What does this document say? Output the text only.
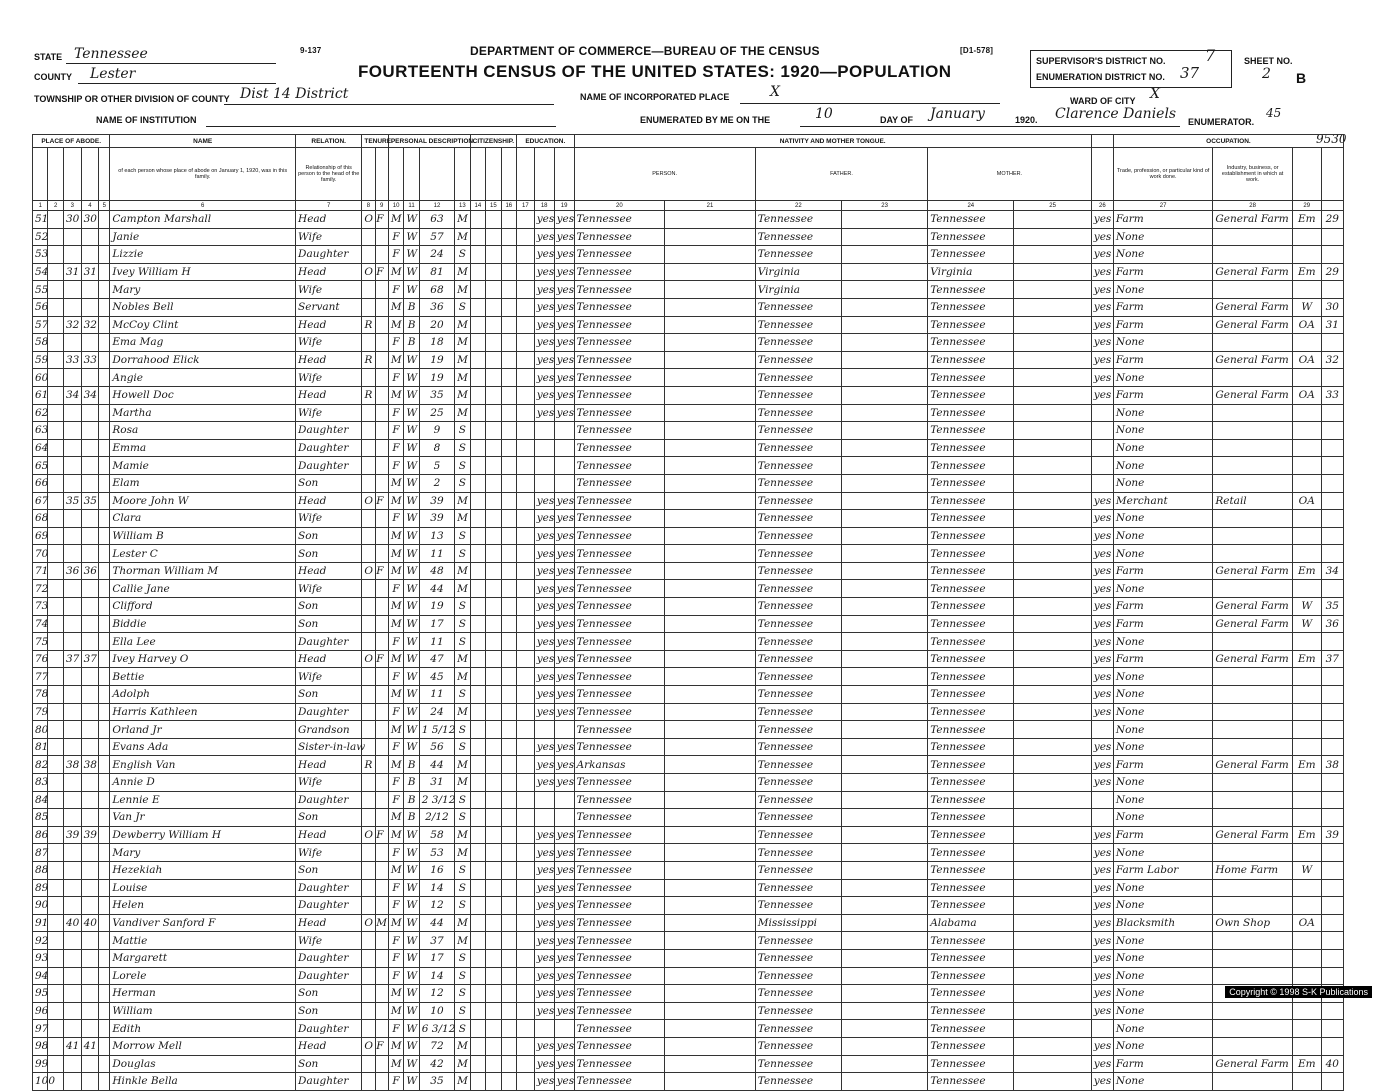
9-137	[D1-578]
DEPARTMENT OF COMMERCE—BUREAU OF THE CENSUS
FOURTEENTH CENSUS OF THE UNITED STATES: 1920—POPULATION
STATE Tennessee
COUNTY Lester
TOWNSHIP OR OTHER DIVISION OF COUNTY Dist 14 District
NAME OF INSTITUTION
NAME OF INCORPORATED PLACE	X
ENUMERATED BY ME ON THE	10	DAY OF January	1920. Clarence Daniels ENUMERATOR.
SUPERVISOR'S DISTRICT NO. 7
ENUMERATION DISTRICT NO. 37
SHEET NO.
2 B
WARD OF CITY X
45
9530
PLACE OF ABODE.					NAME	RELATION.	TENURE.		PERSONAL DESCRIPTION.				CITIZENSHIP.			EDUCATION.			NATIVITY AND MOTHER TONGUE.							OCCUPATION.			
					of each person whose place of abode on January 1, 1920, was in this family.	Relationship of this person to the head of the family.													PERSON.		FATHER.		MOTHER.			Trade, profession, or particular kind of work done.	Industry, business, or establishment in which at work.		
1	2	3	4	5	6	7	8	9	10	11	12	13	14	15	16	17	18	19	20	21	22	23	24	25	26	27	28	29	
51		30	30		Campton Marshall	Head	O F		M	W	63	M					yes	yes	Tennessee		Tennessee		Tennessee		yes	Farm	General Farm	Em	29
52					Janie	Wife			F	W	57	M					yes	yes	Tennessee		Tennessee		Tennessee		yes	None			
53					Lizzie	Daughter			F	W	24	S					yes	yes	Tennessee		Tennessee		Tennessee		yes	None			
54		31	31		Ivey William H	Head	O F		M	W	81	M					yes	yes	Tennessee		Virginia		Virginia		yes	Farm	General Farm	Em	29
55					Mary	Wife			F	W	68	M					yes	yes	Tennessee		Virginia		Tennessee		yes	None			
56					Nobles Bell	Servant			M	B	36	S					yes	yes	Tennessee		Tennessee		Tennessee		yes	Farm	General Farm	W	30
57		32	32		McCoy Clint	Head	R		M	B	20	M					yes	yes	Tennessee		Tennessee		Tennessee		yes	Farm	General Farm	OA	31
58					Ema Mag	Wife			F	B	18	M					yes	yes	Tennessee		Tennessee		Tennessee		yes	None			
59		33	33		Dorrahood Elick	Head	R		M	W	19	M					yes	yes	Tennessee		Tennessee		Tennessee		yes	Farm	General Farm	OA	32
60					Angie	Wife			F	W	19	M					yes	yes	Tennessee		Tennessee		Tennessee		yes	None			
61		34	34		Howell Doc	Head	R		M	W	35	M					yes	yes	Tennessee		Tennessee		Tennessee		yes	Farm	General Farm	OA	33
62					Martha	Wife			F	W	25	M					yes	yes	Tennessee		Tennessee		Tennessee			None			
63					Rosa	Daughter			F	W	9	S							Tennessee		Tennessee		Tennessee			None			
64					Emma	Daughter			F	W	8	S							Tennessee		Tennessee		Tennessee			None			
65					Mamie	Daughter			F	W	5	S							Tennessee		Tennessee		Tennessee			None			
66					Elam	Son			M	W	2	S							Tennessee		Tennessee		Tennessee			None			
67		35	35		Moore John W	Head	O F		M	W	39	M					yes	yes	Tennessee		Tennessee		Tennessee		yes	Merchant	Retail	OA	
68					Clara	Wife			F	W	39	M					yes	yes	Tennessee		Tennessee		Tennessee		yes	None			
69					William B	Son			M	W	13	S					yes	yes	Tennessee		Tennessee		Tennessee		yes	None			
70					Lester C	Son			M	W	11	S					yes	yes	Tennessee		Tennessee		Tennessee		yes	None			
71		36	36		Thorman William M	Head	O F		M	W	48	M					yes	yes	Tennessee		Tennessee		Tennessee		yes	Farm	General Farm	Em	34
72					Callie Jane	Wife			F	W	44	M					yes	yes	Tennessee		Tennessee		Tennessee		yes	None			
73					Clifford	Son			M	W	19	S					yes	yes	Tennessee		Tennessee		Tennessee		yes	Farm	General Farm	W	35
74					Biddie	Son			M	W	17	S					yes	yes	Tennessee		Tennessee		Tennessee		yes	Farm	General Farm	W	36
75					Ella Lee	Daughter			F	W	11	S					yes	yes	Tennessee		Tennessee		Tennessee		yes	None			
76		37	37		Ivey Harvey O	Head	O F		M	W	47	M					yes	yes	Tennessee		Tennessee		Tennessee		yes	Farm	General Farm	Em	37
77					Bettie	Wife			F	W	45	M					yes	yes	Tennessee		Tennessee		Tennessee		yes	None			
78					Adolph	Son			M	W	11	S					yes	yes	Tennessee		Tennessee		Tennessee		yes	None			
79					Harris Kathleen	Daughter			F	W	24	M					yes	yes	Tennessee		Tennessee		Tennessee		yes	None			
80					Orland Jr	Grandson			M	W	1 5/12	S							Tennessee		Tennessee		Tennessee			None			
81					Evans Ada	Sister-in-law			F	W	56	S					yes	yes	Tennessee		Tennessee		Tennessee		yes	None			
82		38	38		English Van	Head	R		M	B	44	M					yes	yes	Arkansas		Tennessee		Tennessee		yes	Farm	General Farm	Em	38
83					Annie D	Wife			F	B	31	M					yes	yes	Tennessee		Tennessee		Tennessee		yes	None			
84					Lennie E	Daughter			F	B	2 3/12	S							Tennessee		Tennessee		Tennessee			None			
85					Van Jr	Son			M	B	2/12	S							Tennessee		Tennessee		Tennessee			None			
86		39	39		Dewberry William H	Head	O F		M	W	58	M					yes	yes	Tennessee		Tennessee		Tennessee		yes	Farm	General Farm	Em	39
87					Mary	Wife			F	W	53	M					yes	yes	Tennessee		Tennessee		Tennessee		yes	None			
88					Hezekiah	Son			M	W	16	S					yes	yes	Tennessee		Tennessee		Tennessee		yes	Farm Labor	Home Farm	W	
89					Louise	Daughter			F	W	14	S					yes	yes	Tennessee		Tennessee		Tennessee		yes	None			
90					Helen	Daughter			F	W	12	S					yes	yes	Tennessee		Tennessee		Tennessee		yes	None			
91		40	40		Vandiver Sanford F	Head	O M		M	W	44	M					yes	yes	Tennessee		Mississippi		Alabama		yes	Blacksmith	Own Shop	OA	
92					Mattie	Wife			F	W	37	M					yes	yes	Tennessee		Tennessee		Tennessee		yes	None			
93					Margarett	Daughter			F	W	17	S					yes	yes	Tennessee		Tennessee		Tennessee		yes	None			
94					Lorele	Daughter			F	W	14	S					yes	yes	Tennessee		Tennessee		Tennessee		yes	None			
95					Herman	Son			M	W	12	S					yes	yes	Tennessee		Tennessee		Tennessee		yes	None			
96					William	Son			M	W	10	S					yes	yes	Tennessee		Tennessee		Tennessee		yes	None			
97					Edith	Daughter			F	W	6 3/12	S							Tennessee		Tennessee		Tennessee			None			
98		41	41		Morrow Mell	Head	O F		M	W	72	M					yes	yes	Tennessee		Tennessee		Tennessee		yes	None			
99					Douglas	Son			M	W	42	M					yes	yes	Tennessee		Tennessee		Tennessee		yes	Farm	General Farm	Em	40
100					Hinkle Bella	Daughter			F	W	35	M					yes	yes	Tennessee		Tennessee		Tennessee		yes	None			
Copyright © 1998 S-K Publications
